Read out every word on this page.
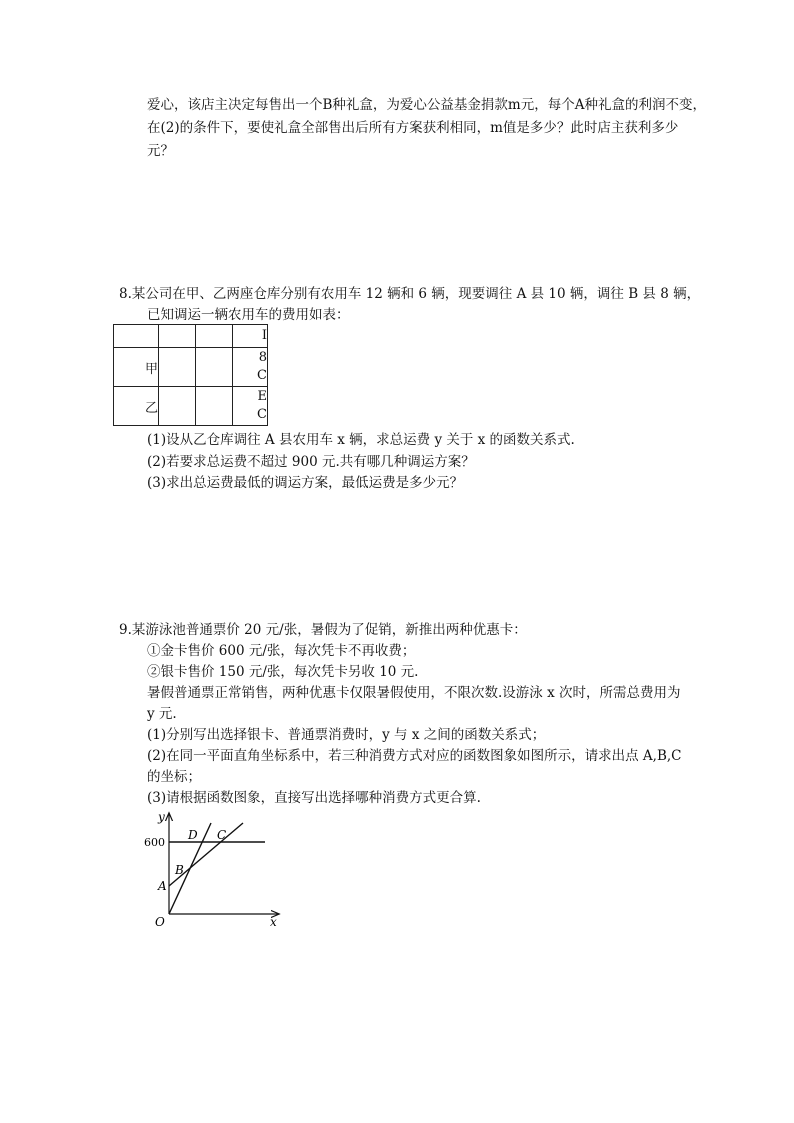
爱心，该店主决定每售出一个B种礼盒，为爱心公益基金捐款m元，每个A种礼盒的利润不变，
在(2)的条件下，要使礼盒全部售出后所有方案获利相同，m值是多少？此时店主获利多少
元？
8.某公司在甲、乙两座仓库分别有农用车 12 辆和 6 辆，现要调往 A 县 10 辆，调往 B 县 8 辆，
已知调运一辆农用车的费用如表：
			I
甲			8
C
乙			E
C
(1)设从乙仓库调往 A 县农用车 x 辆，求总运费 y 关于 x 的函数关系式.
(2)若要求总运费不超过 900 元.共有哪几种调运方案？
(3)求出总运费最低的调运方案，最低运费是多少元？
9.某游泳池普通票价 20 元/张，暑假为了促销，新推出两种优惠卡：
①金卡售价 600 元/张，每次凭卡不再收费；
②银卡售价 150 元/张，每次凭卡另收 10 元.
暑假普通票正常销售，两种优惠卡仅限暑假使用，不限次数.设游泳 x 次时，所需总费用为
y 元.
(1)分别写出选择银卡、普通票消费时，y 与 x 之间的函数关系式；
(2)在同一平面直角坐标系中，若三种消费方式对应的函数图象如图所示，请求出点 A,B,C
的坐标；
(3)请根据函数图象，直接写出选择哪种消费方式更合算.
y
x
O
600
A
B
C
D
